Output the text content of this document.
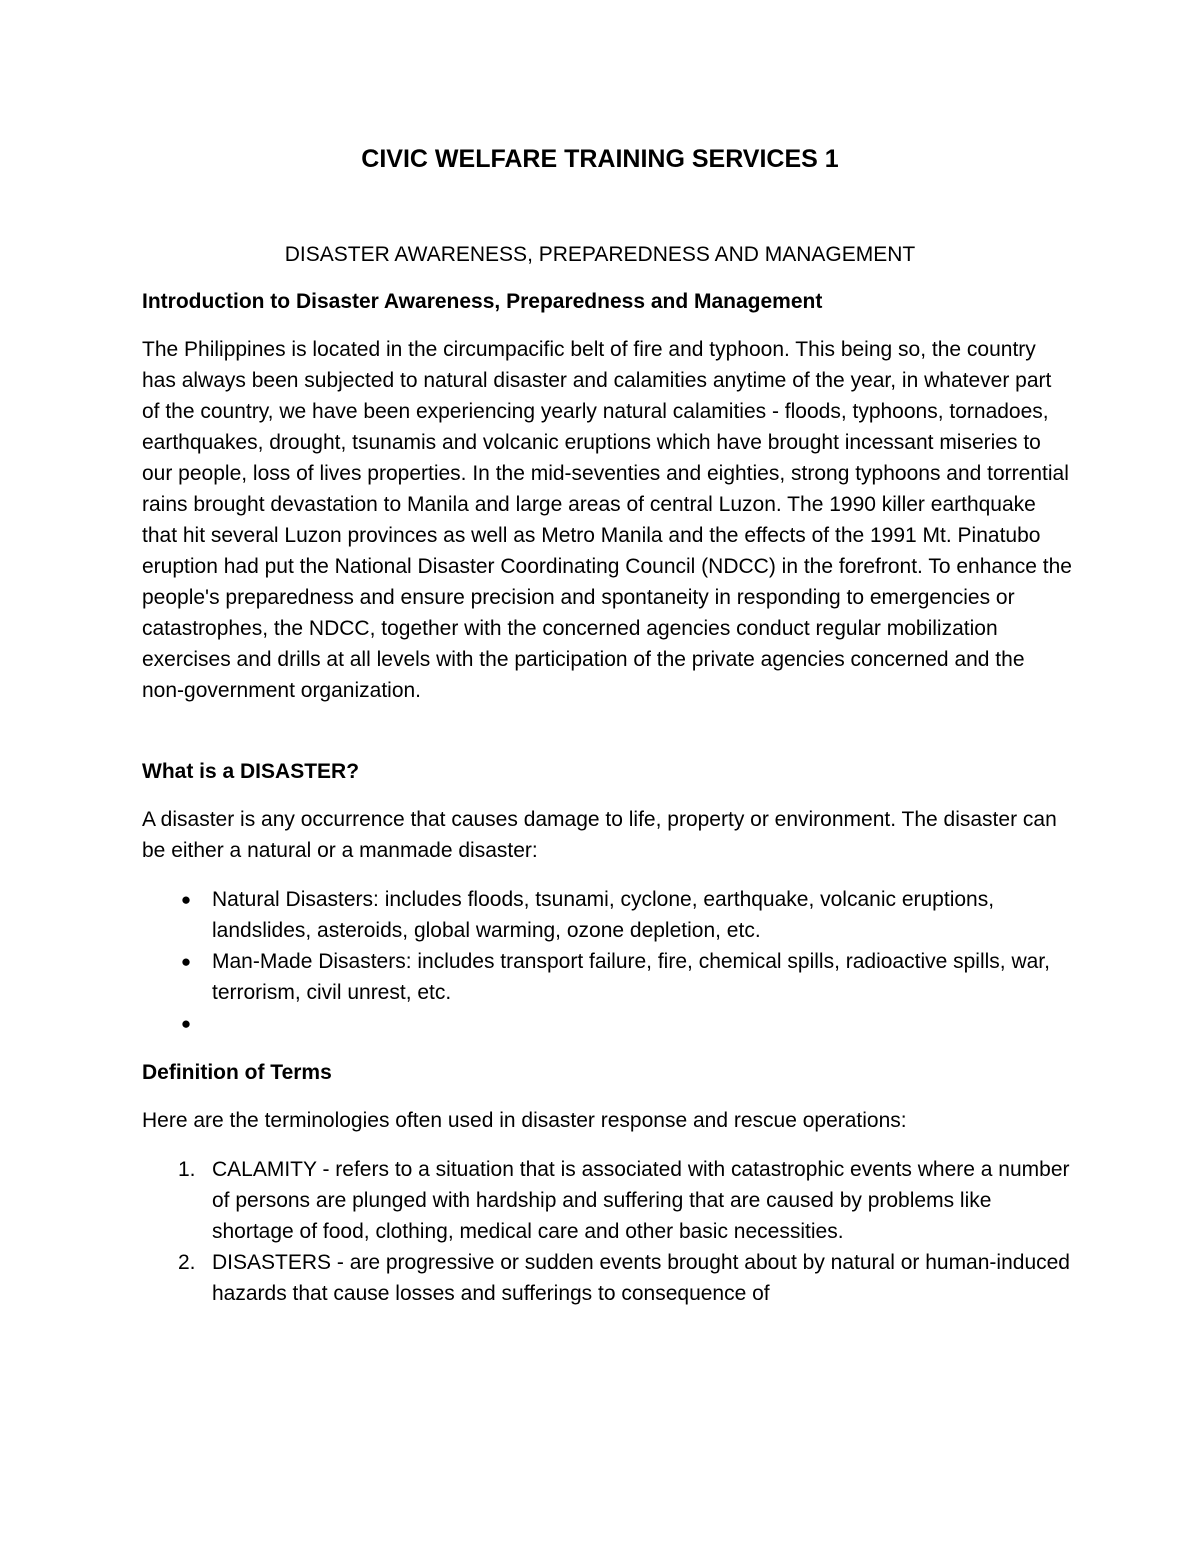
CIVIC WELFARE TRAINING SERVICES 1
DISASTER AWARENESS, PREPAREDNESS AND MANAGEMENT
Introduction to Disaster Awareness, Preparedness and Management

The Philippines is located in the circumpacific belt of fire and typhoon. This being so, the country has always been subjected to natural disaster and calamities anytime of the year, in whatever part of the country, we have been experiencing yearly natural calamities - floods, typhoons, tornadoes, earthquakes, drought, tsunamis and volcanic eruptions which have brought incessant miseries to our people, loss of lives properties. In the mid-seventies and eighties, strong typhoons and torrential rains brought devastation to Manila and large areas of central Luzon. The 1990 killer earthquake that hit several Luzon provinces as well as Metro Manila and the effects of the 1991 Mt. Pinatubo eruption had put the National Disaster Coordinating Council (NDCC) in the forefront. To enhance the people's preparedness and ensure precision and spontaneity in responding to emergencies or catastrophes, the NDCC, together with the concerned agencies conduct regular mobilization exercises and drills at all levels with the participation of the private agencies concerned and the non-government organization.

What is a DISASTER?

A disaster is any occurrence that causes damage to life, property or environment. The disaster can be either a natural or a manmade disaster:

● Natural Disasters: includes floods, tsunami, cyclone, earthquake, volcanic eruptions, landslides, asteroids, global warming, ozone depletion, etc.
● Man-Made Disasters: includes transport failure, fire, chemical spills, radioactive spills, war, terrorism, civil unrest, etc.
●
Definition of Terms

Here are the terminologies often used in disaster response and rescue operations:

1. CALAMITY - refers to a situation that is associated with catastrophic events where a number of persons are plunged with hardship and suffering that are caused by problems like shortage of food, clothing, medical care and other basic necessities.
2. DISASTERS - are progressive or sudden events brought about by natural or human-induced hazards that cause losses and sufferings to consequence of
